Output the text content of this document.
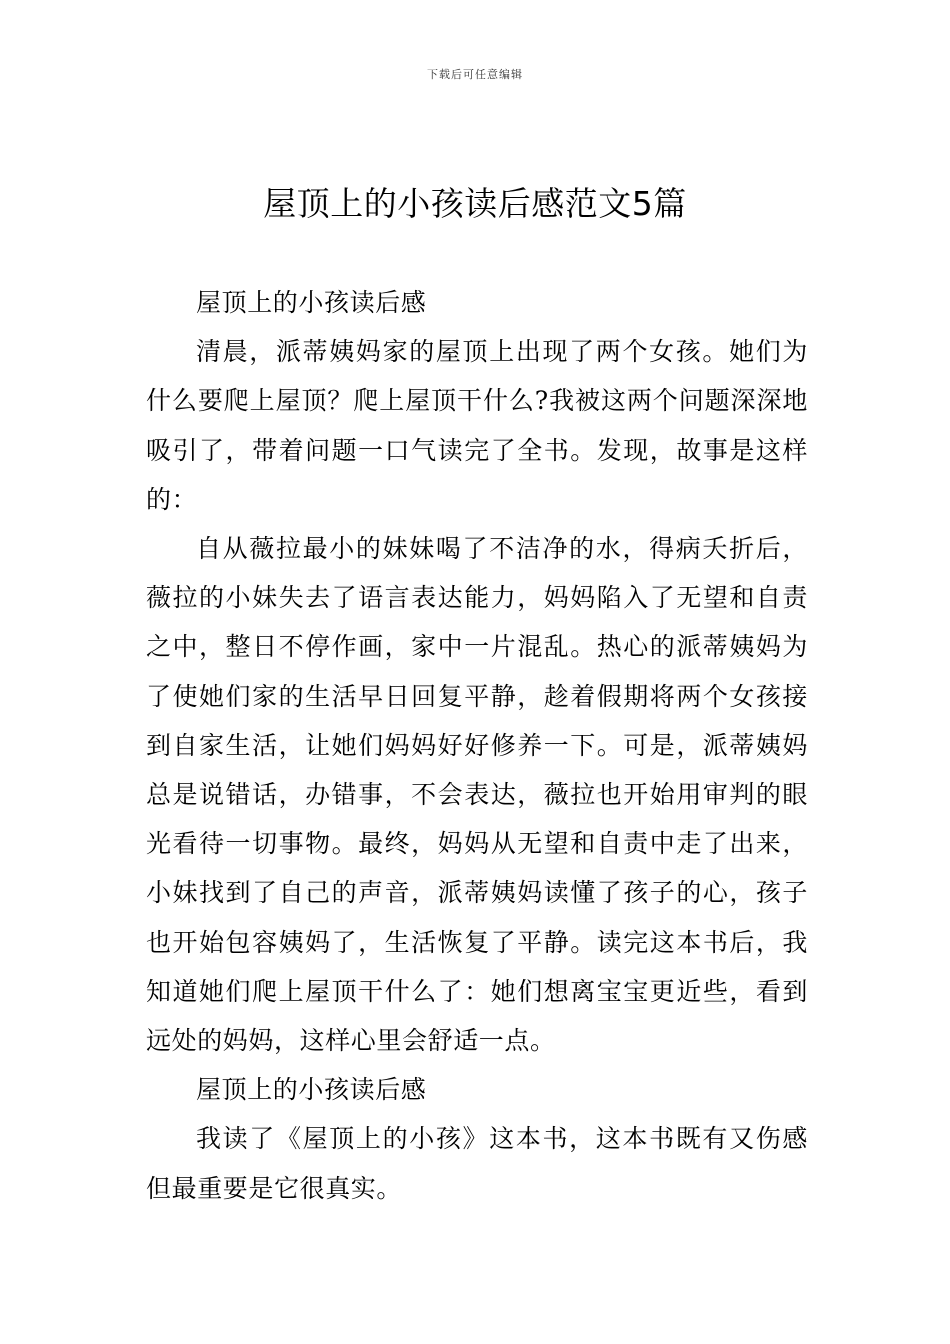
下载后可任意编辑
屋顶上的小孩读后感范文5篇

屋顶上的小孩读后感

清晨，派蒂姨妈家的屋顶上出现了两个女孩。她们为什么要爬上屋顶？爬上屋顶干什么?我被这两个问题深深地吸引了，带着问题一口气读完了全书。发现，故事是这样的：

自从薇拉最小的妹妹喝了不洁净的水，得病夭折后，薇拉的小妹失去了语言表达能力，妈妈陷入了无望和自责之中，整日不停作画，家中一片混乱。热心的派蒂姨妈为了使她们家的生活早日回复平静，趁着假期将两个女孩接到自家生活，让她们妈妈好好修养一下。可是，派蒂姨妈总是说错话，办错事，不会表达，薇拉也开始用审判的眼光看待一切事物。最终，妈妈从无望和自责中走了出来，小妹找到了自己的声音，派蒂姨妈读懂了孩子的心，孩子也开始包容姨妈了，生活恢复了平静。读完这本书后，我知道她们爬上屋顶干什么了：她们想离宝宝更近些，看到远处的妈妈，这样心里会舒适一点。

屋顶上的小孩读后感

我读了《屋顶上的小孩》这本书，这本书既有又伤感但最重要是它很真实。
